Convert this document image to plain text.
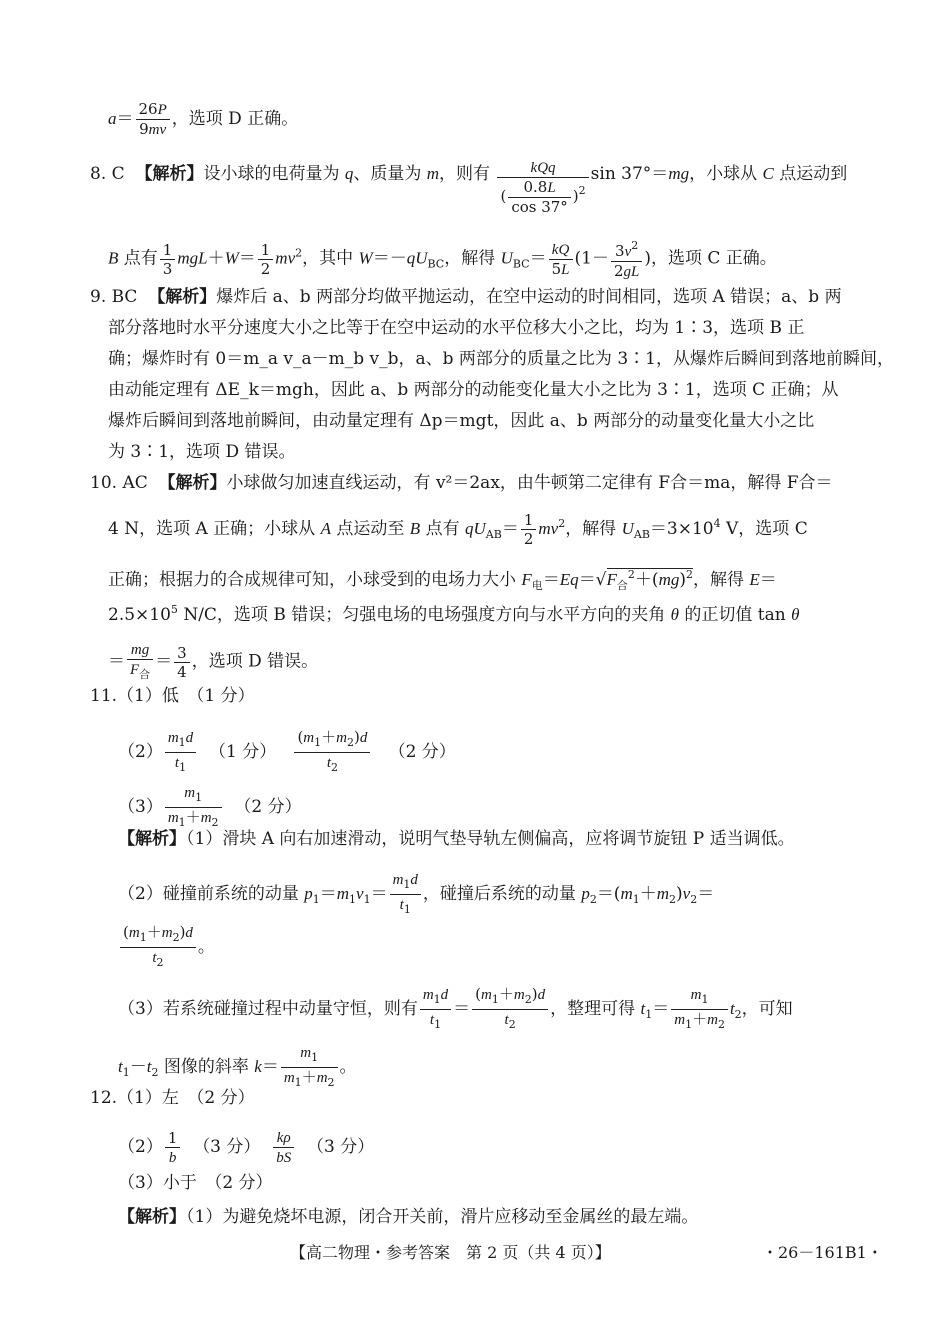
$a= \frac{26P}{9mv}$ ，选项 D 正确。
8. C 【解析】设小球的电荷量为 q、质量为 m，则有 $\frac{\text{kQq}}{( \frac{0.8L}{\cos 37^\circ} )^2}$ sin 37°＝mg，小球从 C 点运动到
B 点有 $\frac{1}{3} mgL+W= \frac{1}{2} mv^2$，其中 $W=-qU_{BC}$，解得 $U_{BC}= \frac{kQ}{5L} (1- \frac{3v^2}{2gL}$ )，选项 C 正确。
9. BC 【解析】爆炸后 a、b 两部分均做平抛运动，在空中运动的时间相同，选项 A 错误；a、b 两
部分落地时水平分速度大小之比等于在空中运动的水平位移大小之比，均为 1∶3，选项 B 正
确；爆炸时有 0＝m_a v_a－m_b v_b，a、b 两部分的质量之比为 3∶1，从爆炸后瞬间到落地前瞬间，
由动能定理有 ΔE_k＝mgh，因此 a、b 两部分的动能变化量大小之比为 3∶1，选项 C 正确；从
爆炸后瞬间到落地前瞬间，由动量定理有 Δp＝mgt，因此 a、b 两部分的动量变化量大小之比
为 3∶1，选项 D 错误。
10. AC 【解析】小球做匀加速直线运动，有 v²＝2ax，由牛顿第二定律有 F合＝ma，解得 F合＝
4 N，选项 A 正确；小球从 A 点运动至 B 点有 $qU_{AB}= \frac{1}{2} mv^2$，解得 $U_{AB}=3\times 10^4$ V，选项 C
正确；根据力的合成规律可知，小球受到的电场力大小 $F_电=Eq=√F_合^2+(mg)^2$，解得 E＝
$2.5\times 10^5$ N/C，选项 B 错误；匀强电场的电场强度方向与水平方向的夹角 θ 的正切值 tan θ
＝ $\frac{mg}{F_合} = \frac{3}{4}$ ，选项 D 错误。
11.（1）低　（1 分）
$(2) \frac{m_1d}{t_1} (1$ 分） $\frac{(m_1+m_2)d}{t_2} (2$ 分）
$(3) \frac{m_1}{m_1+m_2} (2$ 分）
【解析】（1）滑块 A 向右加速滑动，说明气垫导轨左侧偏高，应将调节旋钮 P 适当调低。
（2）碰撞前系统的动量 $p_1=m_1v_1= \frac{m_1d}{t_1}$ ，碰撞后系统的动量 $p_2=(m_1+m_2)v_2=$
$\frac{(m_1+m_2)d}{t_2}$ 。
（3）若系统碰撞过程中动量守恒，则有 $\frac{m_1d}{t_1} = \frac{(m_1+m_2)d}{t_2}$ ，整理可得 $t_1= \frac{m_1}{m_1+m_2} t_2$，可知
$t_1-t_2$ 图像的斜率 $k= \frac{m_1}{m_1+m_2}$ 。
12.（1）左　（2 分）
$(2) \frac{1}{b} (3$ 分） $\frac{k\rho}{bS} (3$ 分）
（3）小于　（2 分）
【解析】（1）为避免烧坏电源，闭合开关前，滑片应移动至金属丝的最左端。
【高二物理・参考答案　第 2 页（共 4 页）】	・26－161B1・
